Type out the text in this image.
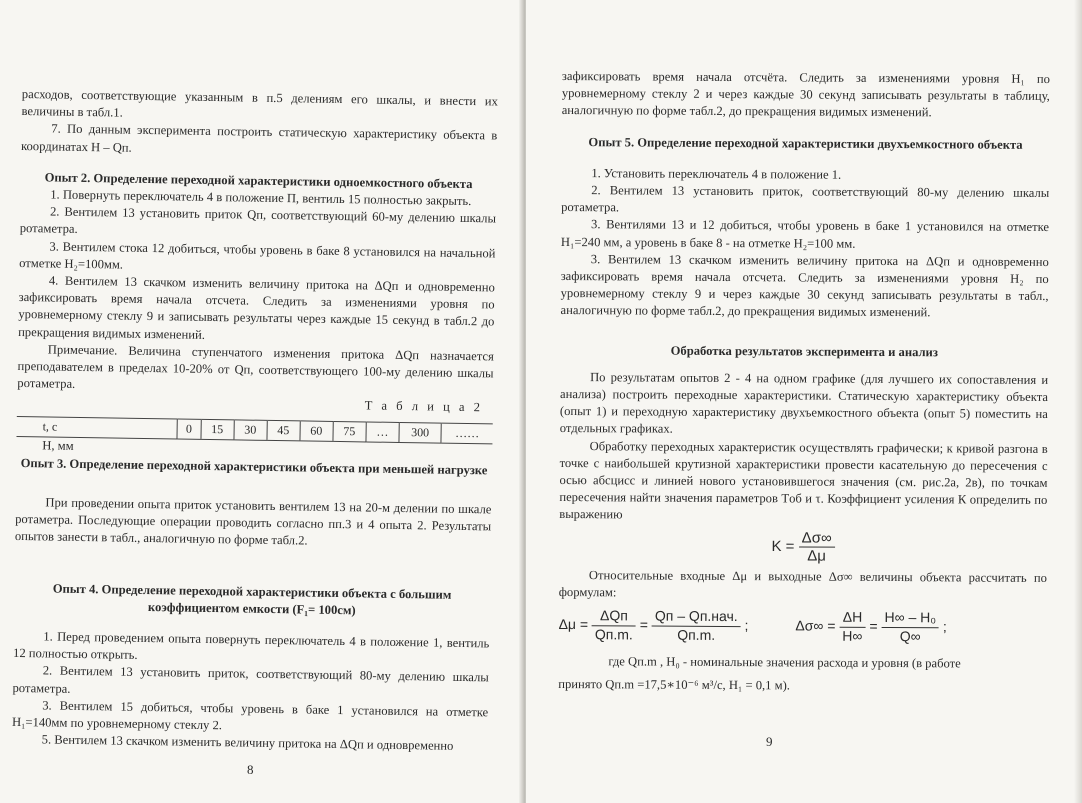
расходов, соответствующие указанным в п.5 делениям его шкалы, и внести их величины в табл.1.

7. По данным эксперимента построить статическую характеристику объекта в координатах H – Qп.

Опыт 2. Определение переходной характеристики одноемкостного объекта

1. Повернуть переключатель 4 в положение П, вентиль 15 полностью закрыть.

2. Вентилем 13 установить приток Qп, соответствующий 60-му делению шкалы ротаметра.

3. Вентилем стока 12 добиться, чтобы уровень в баке 8 установился на начальной отметке H₂=100мм.

4. Вентилем 13 скачком изменить величину притока на ΔQп и одновременно зафиксировать время начала отсчета. Следить за изменениями уровня по уровнемерному стеклу 9 и записывать результаты через каждые 15 секунд в табл.2 до прекращения видимых изменений.

Примечание. Величина ступенчатого изменения притока ΔQп назначается преподавателем в пределах 10-20% от Qп, соответствующего 100-му делению шкалы ротаметра.

Т а б л и ц а 2

t, с	0	15	30	45	60	75	…	300	……
H, мм

Опыт 3. Определение переходной характеристики объекта при меньшей нагрузке

При проведении опыта приток установить вентилем 13 на 20-м делении по шкале ротаметра. Последующие операции проводить согласно пп.3 и 4 опыта 2. Результаты опытов занести в табл., аналогичную по форме табл.2.

Опыт 4. Определение переходной характеристики объекта с большим коэффициентом емкости (F₁= 100см)

1. Перед проведением опыта повернуть переключатель 4 в положение 1, вентиль 12 полностью открыть.

2. Вентилем 13 установить приток, соответствующий 80-му делению шкалы ротаметра.

3. Вентилем 15 добиться, чтобы уровень в баке 1 установился на отметке H₁=140мм по уровнемерному стеклу 2.

5. Вентилем 13 скачком изменить величину притока на ΔQп и одновременно

8

зафиксировать время начала отсчёта. Следить за изменениями уровня H₁ по уровнемерному стеклу 2 и через каждые 30 секунд записывать результаты в таблицу, аналогичную по форме табл.2, до прекращения видимых изменений.

Опыт 5. Определение переходной характеристики двухъемкостного объекта

1. Установить переключатель 4 в положение 1.

2. Вентилем 13 установить приток, соответствующий 80-му делению шкалы ротаметра.

3. Вентилями 13 и 12 добиться, чтобы уровень в баке 1 установился на отметке H₁=240 мм, а уровень в баке 8 - на отметке H₂=100 мм.

3. Вентилем 13 скачком изменить величину притока на ΔQп и одновременно зафиксировать время начала отсчета. Следить за изменениями уровня H₂ по уровнемерному стеклу 9 и через каждые 30 секунд записывать результаты в табл., аналогичную по форме табл.2, до прекращения видимых изменений.

Обработка результатов эксперимента и анализ

По результатам опытов 2 - 4 на одном графике (для лучшего их сопоставления и анализа) построить переходные характеристики. Статическую характеристику объекта (опыт 1) и переходную характеристику двухъемкостного объекта (опыт 5) поместить на отдельных графиках.

Обработку переходных характеристик осуществлять графически; к кривой разгона в точке с наибольшей крутизной характеристики провести касательную до пересечения с осью абсцисс и линией нового установившегося значения (см. рис.2а, 2в), по точкам пересечения найти значения параметров Tоб и τ. Коэффициент усиления К определить по выражению

$K = \frac{\Delta\sigma\infty}{\Delta\mu}$

Относительные входные Δμ и выходные Δσ∞ величины объекта рассчитать по формулам:

$\Delta\mu = \frac{\text{ΔQп}}{Qп.m.} = \frac{\text{Qп – Qп.нач.}}{Qп.m.}$ ;	$\Delta\sigma\infty = \frac{\Delta H}{H\infty} = \frac{\text{H∞ – H₀}}{Q\infty}$ ;

где Qп.m , H₀ - номинальные значения расхода и уровня (в работе

принято Qп.m =17,5∗10⁻⁶ м³/с, H₁ = 0,1 м).

9
